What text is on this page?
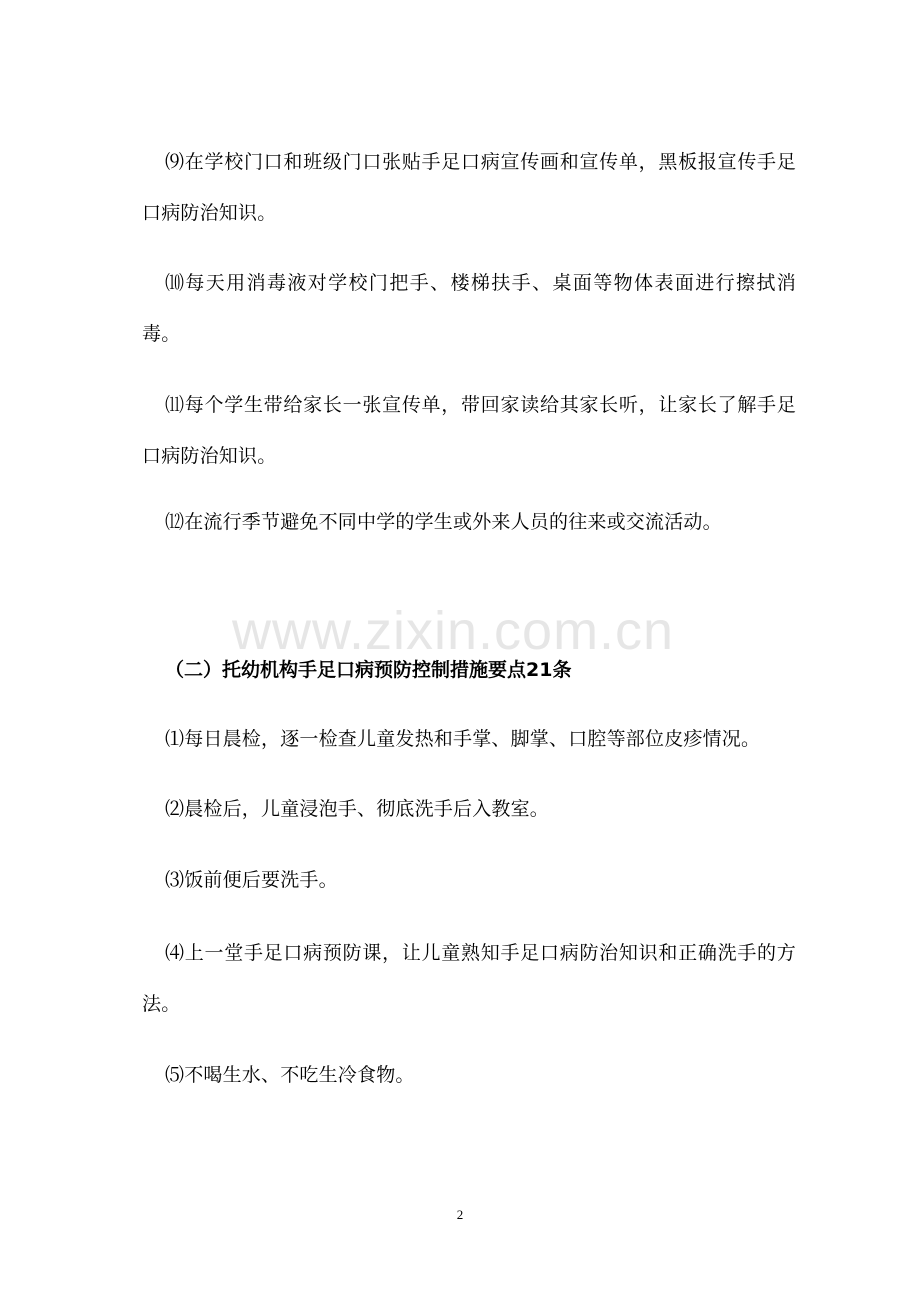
⑼在学校门口和班级门口张贴手足口病宣传画和宣传单，黑板报宣传手足口病防治知识。

⑽每天用消毒液对学校门把手、楼梯扶手、桌面等物体表面进行擦拭消毒。

⑾每个学生带给家长一张宣传单，带回家读给其家长听，让家长了解手足口病防治知识。

⑿在流行季节避免不同中学的学生或外来人员的往来或交流活动。

www.zixin.com.cn

（二）托幼机构手足口病预防控制措施要点21条

⑴每日晨检，逐一检查儿童发热和手掌、脚掌、口腔等部位皮疹情况。

⑵晨检后，儿童浸泡手、彻底洗手后入教室。

⑶饭前便后要洗手。

⑷上一堂手足口病预防课，让儿童熟知手足口病防治知识和正确洗手的方法。

⑸不喝生水、不吃生冷食物。

2
